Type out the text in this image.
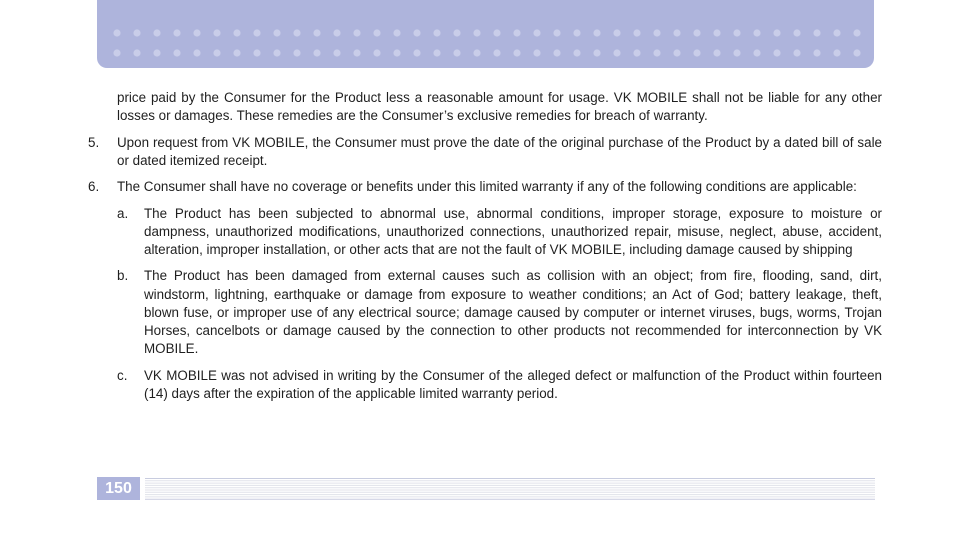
price paid by the Consumer for the Product less a reasonable amount for usage. VK MOBILE shall not be liable for any other losses or damages. These remedies are the Consumer’s exclusive remedies for breach of warranty.

5. Upon request from VK MOBILE, the Consumer must prove the date of the original purchase of the Product by a dated bill of sale or dated itemized receipt.
6. The Consumer shall have no coverage or benefits under this limited warranty if any of the following conditions are applicable:
a. The Product has been subjected to abnormal use, abnormal conditions, improper storage, exposure to moisture or dampness, unauthorized modifications, unauthorized connections, unauthorized repair, misuse, neglect, abuse, accident, alteration, improper installation, or other acts that are not the fault of VK MOBILE, including damage caused by shipping
b. The Product has been damaged from external causes such as collision with an object; from fire, flooding, sand, dirt, windstorm, lightning, earthquake or damage from exposure to weather conditions; an Act of God; battery leakage, theft, blown fuse, or improper use of any electrical source; damage caused by computer or internet viruses, bugs, worms, Trojan Horses, cancelbots or damage caused by the connection to other products not recommended for interconnection by VK MOBILE.
c. VK MOBILE was not advised in writing by the Consumer of the alleged defect or malfunction of the Product within fourteen (14) days after the expiration of the applicable limited warranty period.
150
